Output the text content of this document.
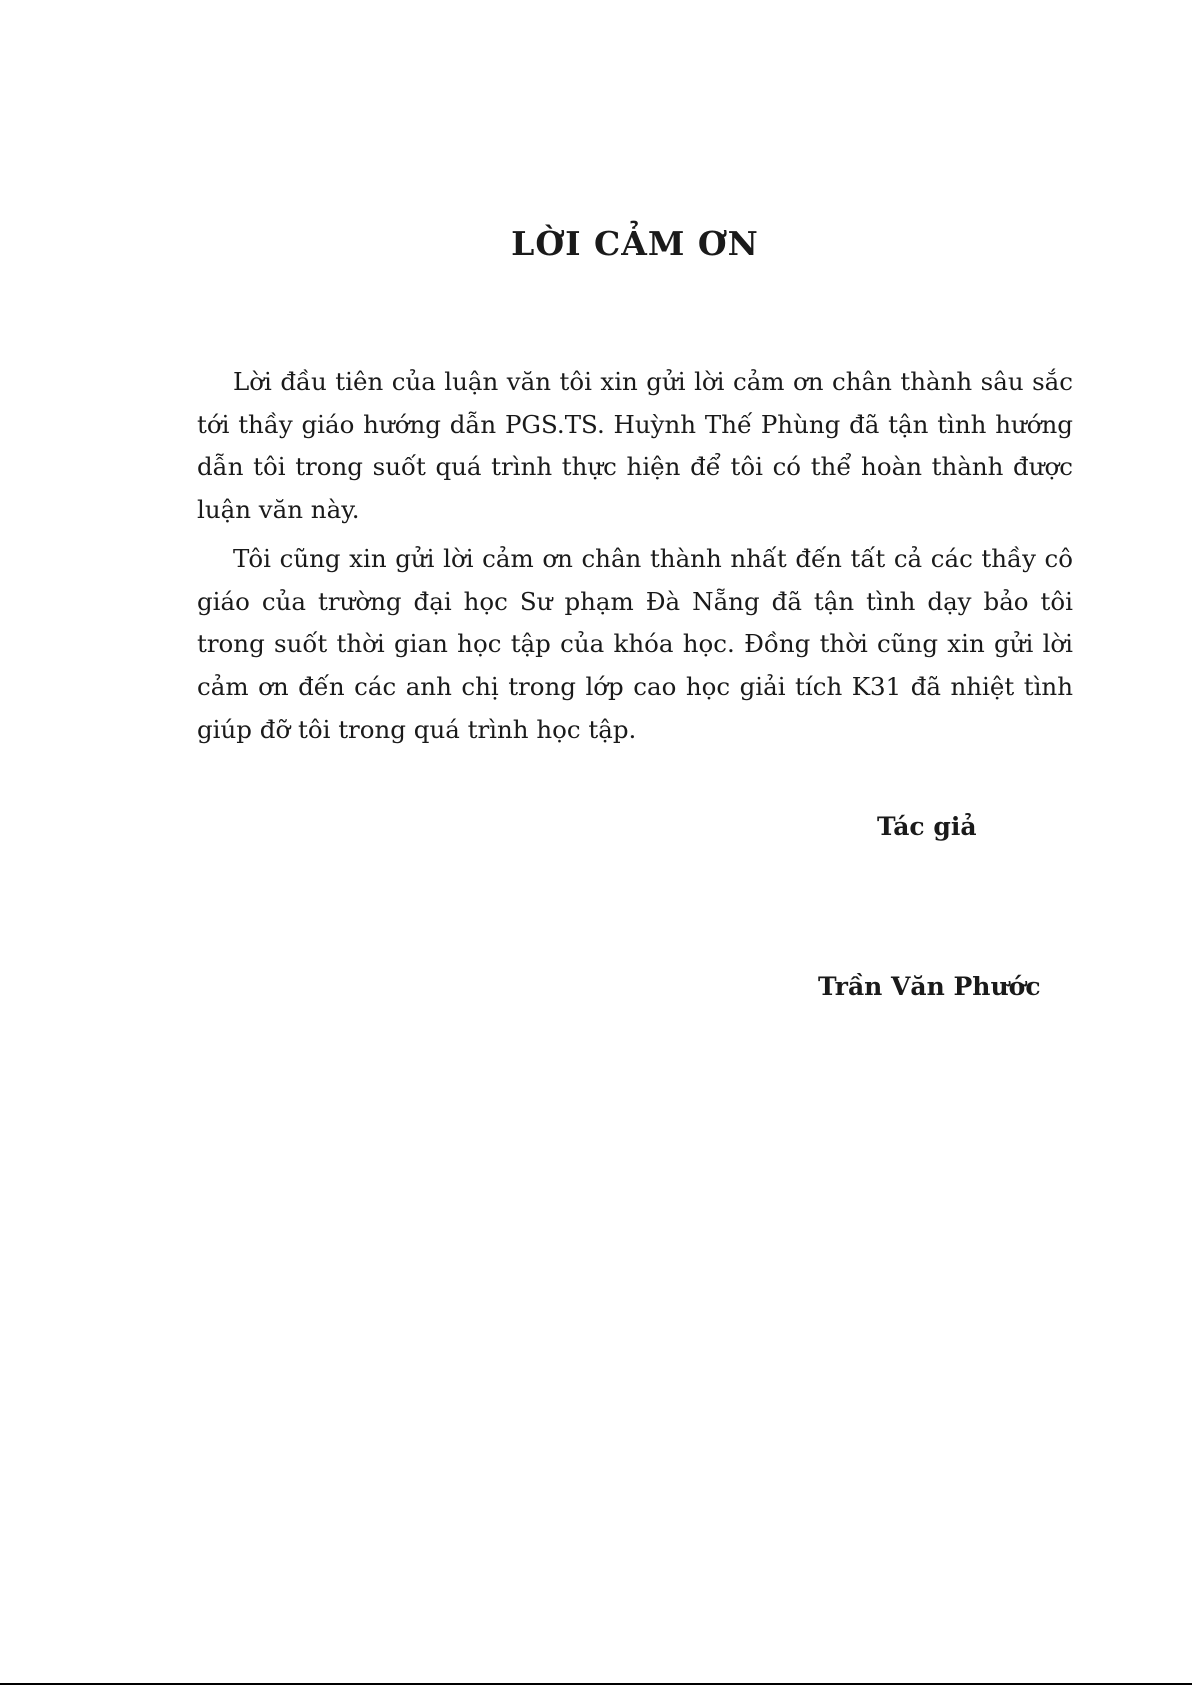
LỜI CẢM ƠN

Lời đầu tiên của luận văn tôi xin gửi lời cảm ơn chân thành sâu sắc tới thầy giáo hướng dẫn PGS.TS. Huỳnh Thế Phùng đã tận tình hướng dẫn tôi trong suốt quá trình thực hiện để tôi có thể hoàn thành được luận văn này.

Tôi cũng xin gửi lời cảm ơn chân thành nhất đến tất cả các thầy cô giáo của trường đại học Sư phạm Đà Nẵng đã tận tình dạy bảo tôi trong suốt thời gian học tập của khóa học. Đồng thời cũng xin gửi lời cảm ơn đến các anh chị trong lớp cao học giải tích K31 đã nhiệt tình giúp đỡ tôi trong quá trình học tập.

Tác giả
Trần Văn Phước
